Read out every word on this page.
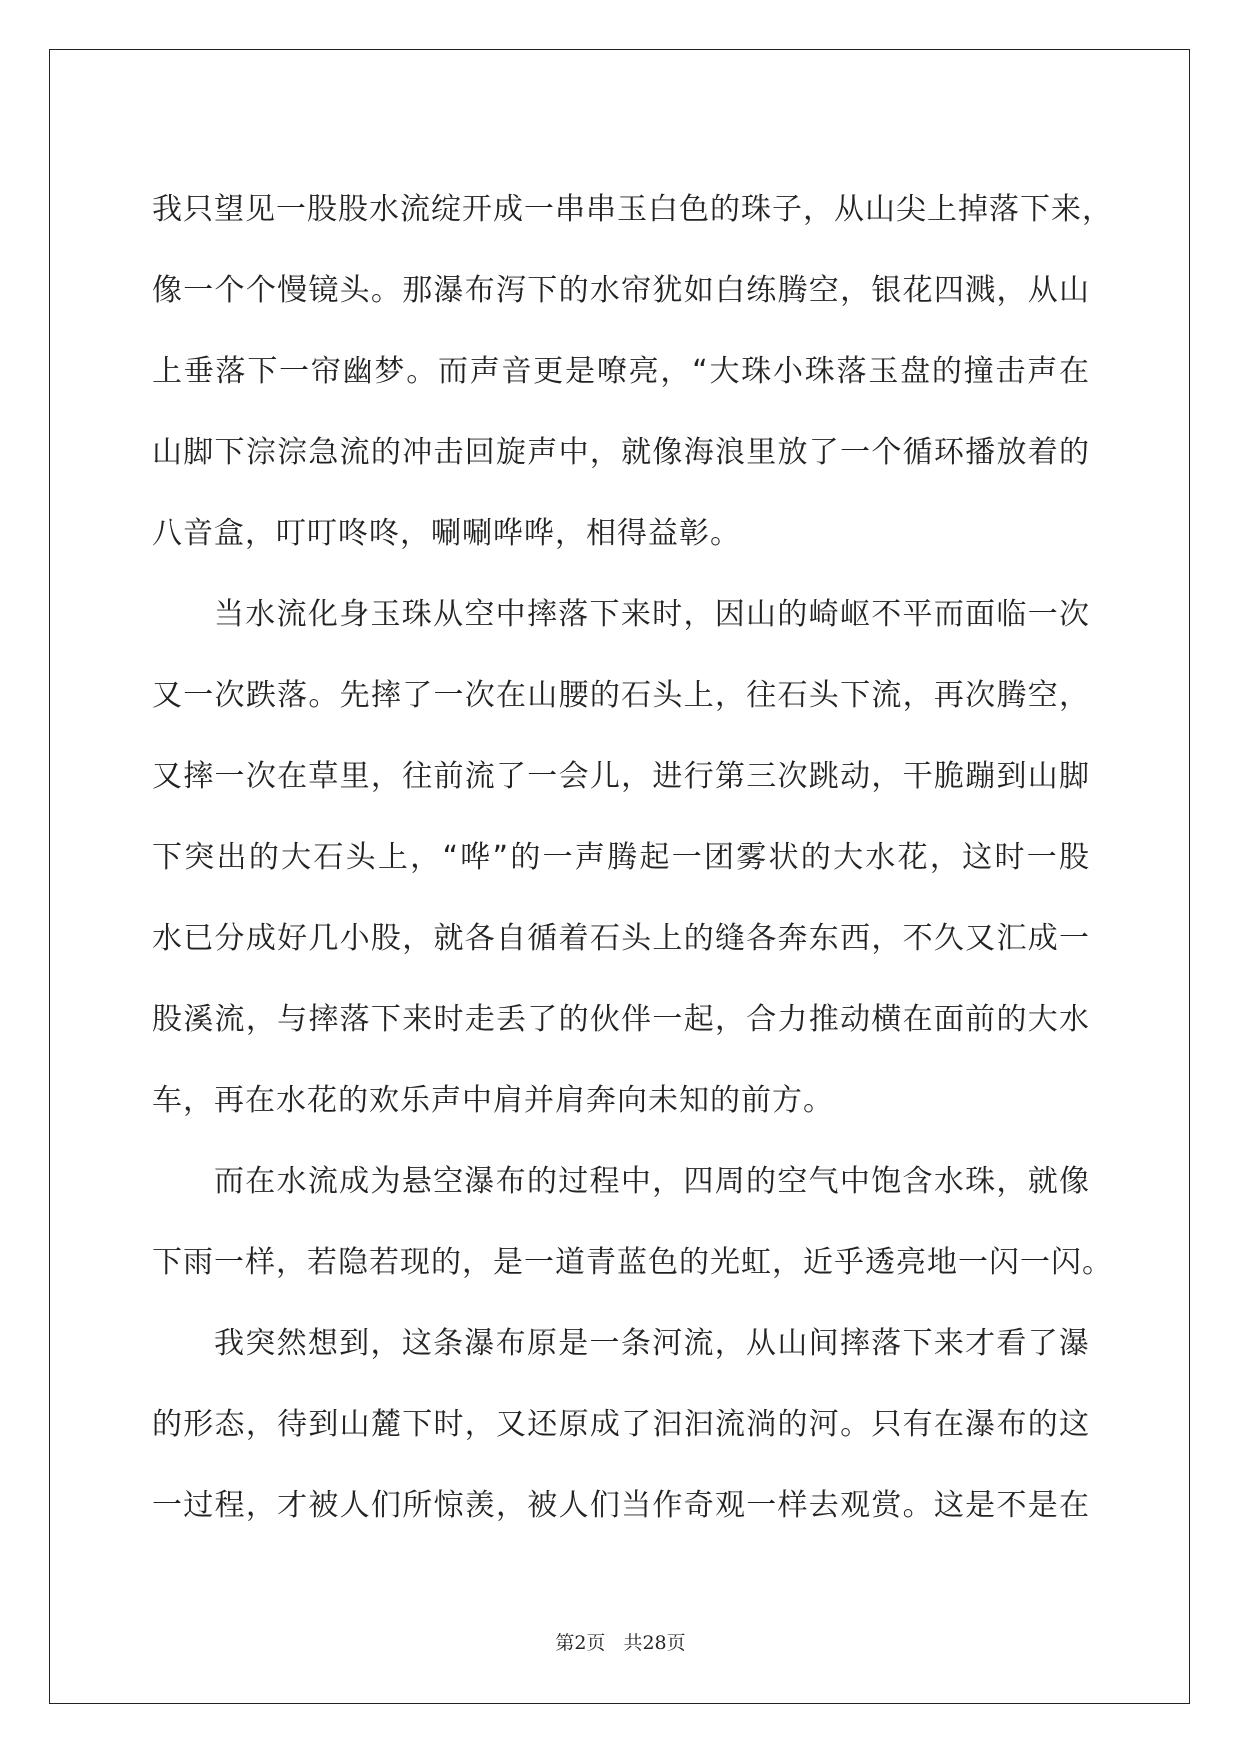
我只望见一股股水流绽开成一串串玉白色的珠子，从山尖上掉落下来，
像一个个慢镜头。那瀑布泻下的水帘犹如白练腾空，银花四溅，从山
上垂落下一帘幽梦。而声音更是嘹亮，“大珠小珠落玉盘的撞击声在
山脚下淙淙急流的冲击回旋声中，就像海浪里放了一个循环播放着的
八音盒，叮叮咚咚，唰唰哗哗，相得益彰。
当水流化身玉珠从空中摔落下来时，因山的崎岖不平而面临一次
又一次跌落。先摔了一次在山腰的石头上，往石头下流，再次腾空，
又摔一次在草里，往前流了一会儿，进行第三次跳动，干脆蹦到山脚
下突出的大石头上，“哗”的一声腾起一团雾状的大水花，这时一股
水已分成好几小股，就各自循着石头上的缝各奔东西，不久又汇成一
股溪流，与摔落下来时走丢了的伙伴一起，合力推动横在面前的大水
车，再在水花的欢乐声中肩并肩奔向未知的前方。
而在水流成为悬空瀑布的过程中，四周的空气中饱含水珠，就像
下雨一样，若隐若现的，是一道青蓝色的光虹，近乎透亮地一闪一闪。
我突然想到，这条瀑布原是一条河流，从山间摔落下来才看了瀑
的形态，待到山麓下时，又还原成了汩汩流淌的河。只有在瀑布的这
一过程，才被人们所惊羡，被人们当作奇观一样去观赏。这是不是在
第2页 共28页
